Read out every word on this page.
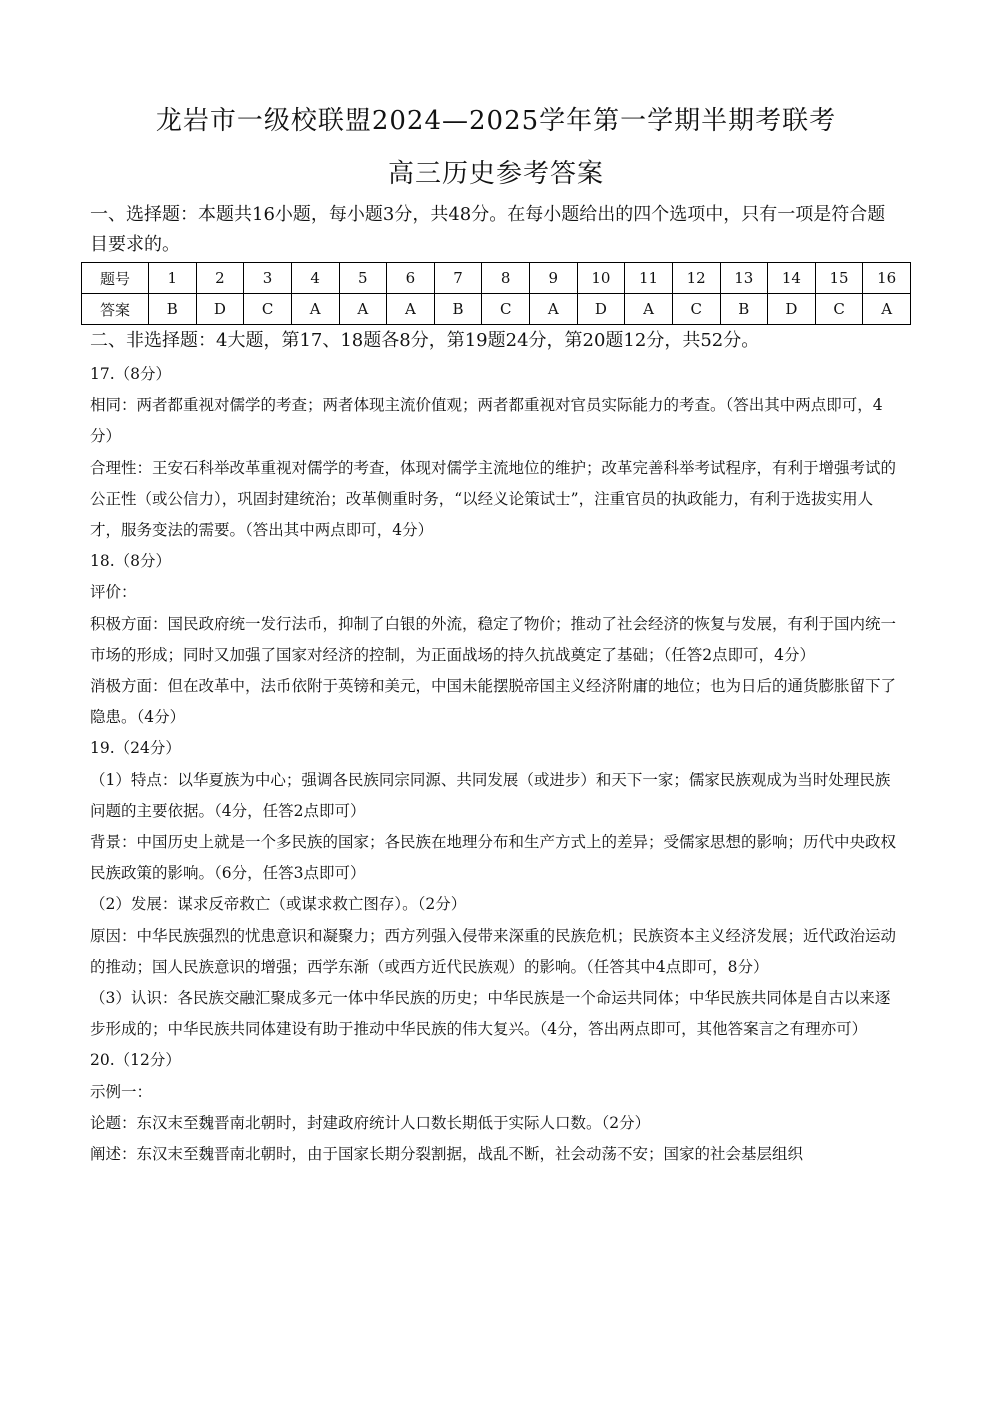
龙岩市一级校联盟2024—2025学年第一学期半期考联考
高三历史参考答案
一、选择题：本题共16小题，每小题3分，共48分。在每小题给出的四个选项中，只有一项是符合题目要求的。
题号	1	2	3	4	5	6	7	8	9	10	11	12	13	14	15	16
答案	B	D	C	A	A	A	B	C	A	D	A	C	B	D	C	A
二、非选择题：4大题，第17、18题各8分，第19题24分，第20题12分，共52分。

17.（8分）

相同：两者都重视对儒学的考查；两者体现主流价值观；两者都重视对官员实际能力的考查。（答出其中两点即可，4分）

合理性：王安石科举改革重视对儒学的考查，体现对儒学主流地位的维护；改革完善科举考试程序，有利于增强考试的公正性（或公信力），巩固封建统治；改革侧重时务，“以经义论策试士”，注重官员的执政能力，有利于选拔实用人才，服务变法的需要。（答出其中两点即可，4分）

18.（8分）

评价：

积极方面：国民政府统一发行法币，抑制了白银的外流，稳定了物价；推动了社会经济的恢复与发展，有利于国内统一市场的形成；同时又加强了国家对经济的控制，为正面战场的持久抗战奠定了基础；（任答2点即可，4分）

消极方面：但在改革中，法币依附于英镑和美元，中国未能摆脱帝国主义经济附庸的地位；也为日后的通货膨胀留下了隐患。（4分）

19.（24分）

（1）特点：以华夏族为中心；强调各民族同宗同源、共同发展（或进步）和天下一家；儒家民族观成为当时处理民族问题的主要依据。（4分，任答2点即可）

背景：中国历史上就是一个多民族的国家；各民族在地理分布和生产方式上的差异；受儒家思想的影响；历代中央政权民族政策的影响。（6分，任答3点即可）

（2）发展：谋求反帝救亡（或谋求救亡图存）。（2分）

原因：中华民族强烈的忧患意识和凝聚力；西方列强入侵带来深重的民族危机；民族资本主义经济发展；近代政治运动的推动；国人民族意识的增强；西学东渐（或西方近代民族观）的影响。（任答其中4点即可，8分）

（3）认识：各民族交融汇聚成多元一体中华民族的历史；中华民族是一个命运共同体；中华民族共同体是自古以来逐步形成的；中华民族共同体建设有助于推动中华民族的伟大复兴。（4分，答出两点即可，其他答案言之有理亦可）

20.（12分）

示例一：

论题：东汉末至魏晋南北朝时，封建政府统计人口数长期低于实际人口数。（2分）

阐述：东汉末至魏晋南北朝时，由于国家长期分裂割据，战乱不断，社会动荡不安；国家的社会基层组织
